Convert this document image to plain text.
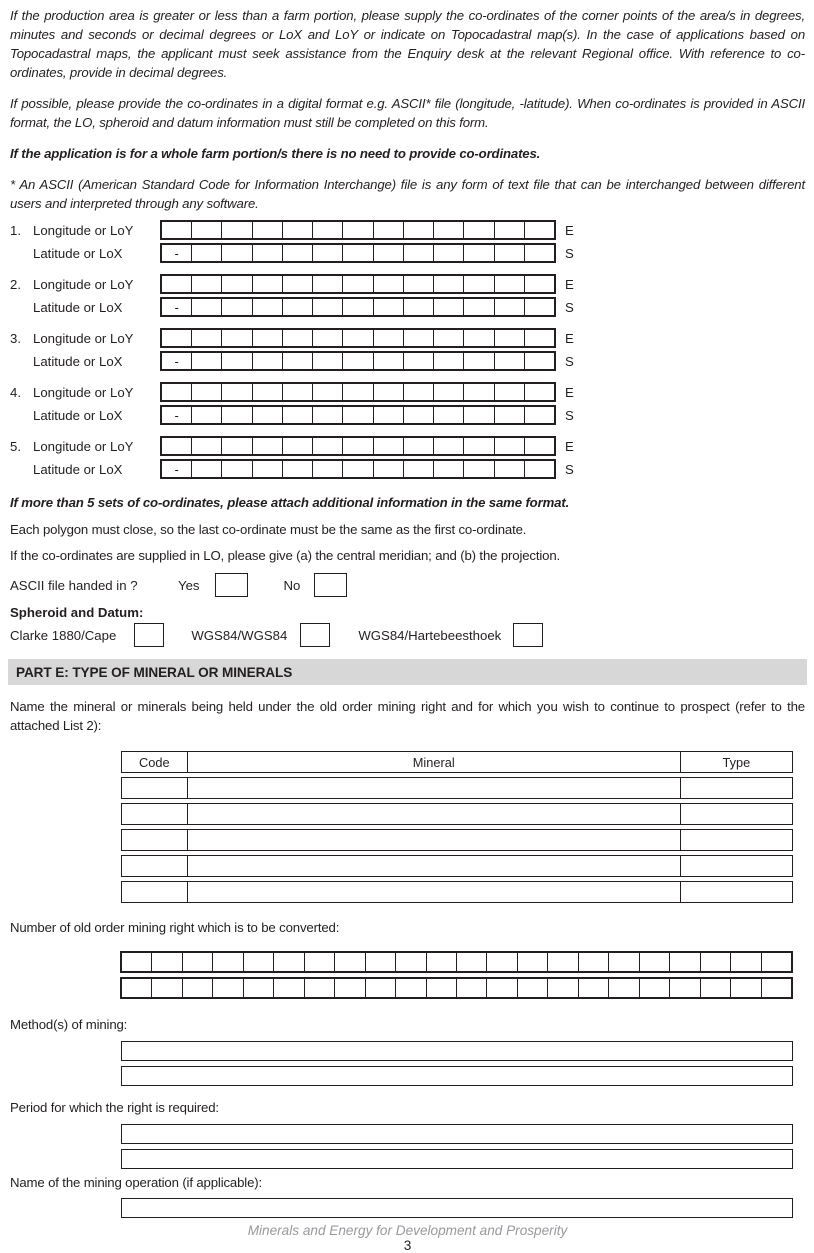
If the production area is greater or less than a farm portion, please supply the co-ordinates of the corner points of the area/s in degrees, minutes and seconds or decimal degrees or LoX and LoY or indicate on Topocadastral map(s). In the case of applications based on Topocadastral maps, the applicant must seek assistance from the Enquiry desk at the relevant Regional office. With reference to co-ordinates, provide in decimal degrees.

If possible, please provide the co-ordinates in a digital format e.g. ASCII* file (longitude, -latitude). When co-ordinates is provided in ASCII format, the LO, spheroid and datum information must still be completed on this form.

If the application is for a whole farm portion/s there is no need to provide co-ordinates.

* An ASCII (American Standard Code for Information Interchange) file is any form of text file that can be interchanged between different users and interpreted through any software.

1. Longitude or LoY	E
Latitude or LoX	-	S
2. Longitude or LoY	E
Latitude or LoX	-	S
3. Longitude or LoY	E
Latitude or LoX	-	S
4. Longitude or LoY	E
Latitude or LoX	-	S
5. Longitude or LoY	E
Latitude or LoX	-	S

If more than 5 sets of co-ordinates, please attach additional information in the same format.

Each polygon must close, so the last co-ordinate must be the same as the first co-ordinate.

If the co-ordinates are supplied in LO, please give (a) the central meridian; and (b) the projection.

ASCII file handed in ?	Yes	No

Spheroid and Datum:

Clarke 1880/Cape	WGS84/WGS84	WGS84/Hartebeesthoek
PART E: TYPE OF MINERAL OR MINERALS

Name the mineral or minerals being held under the old order mining right and for which you wish to continue to prospect (refer to the attached List 2):

Code	Mineral	Type

Number of old order mining right which is to be converted:

Method(s) of mining:

Period for which the right is required:

Name of the mining operation (if applicable):

Minerals and Energy for Development and Prosperity

3
